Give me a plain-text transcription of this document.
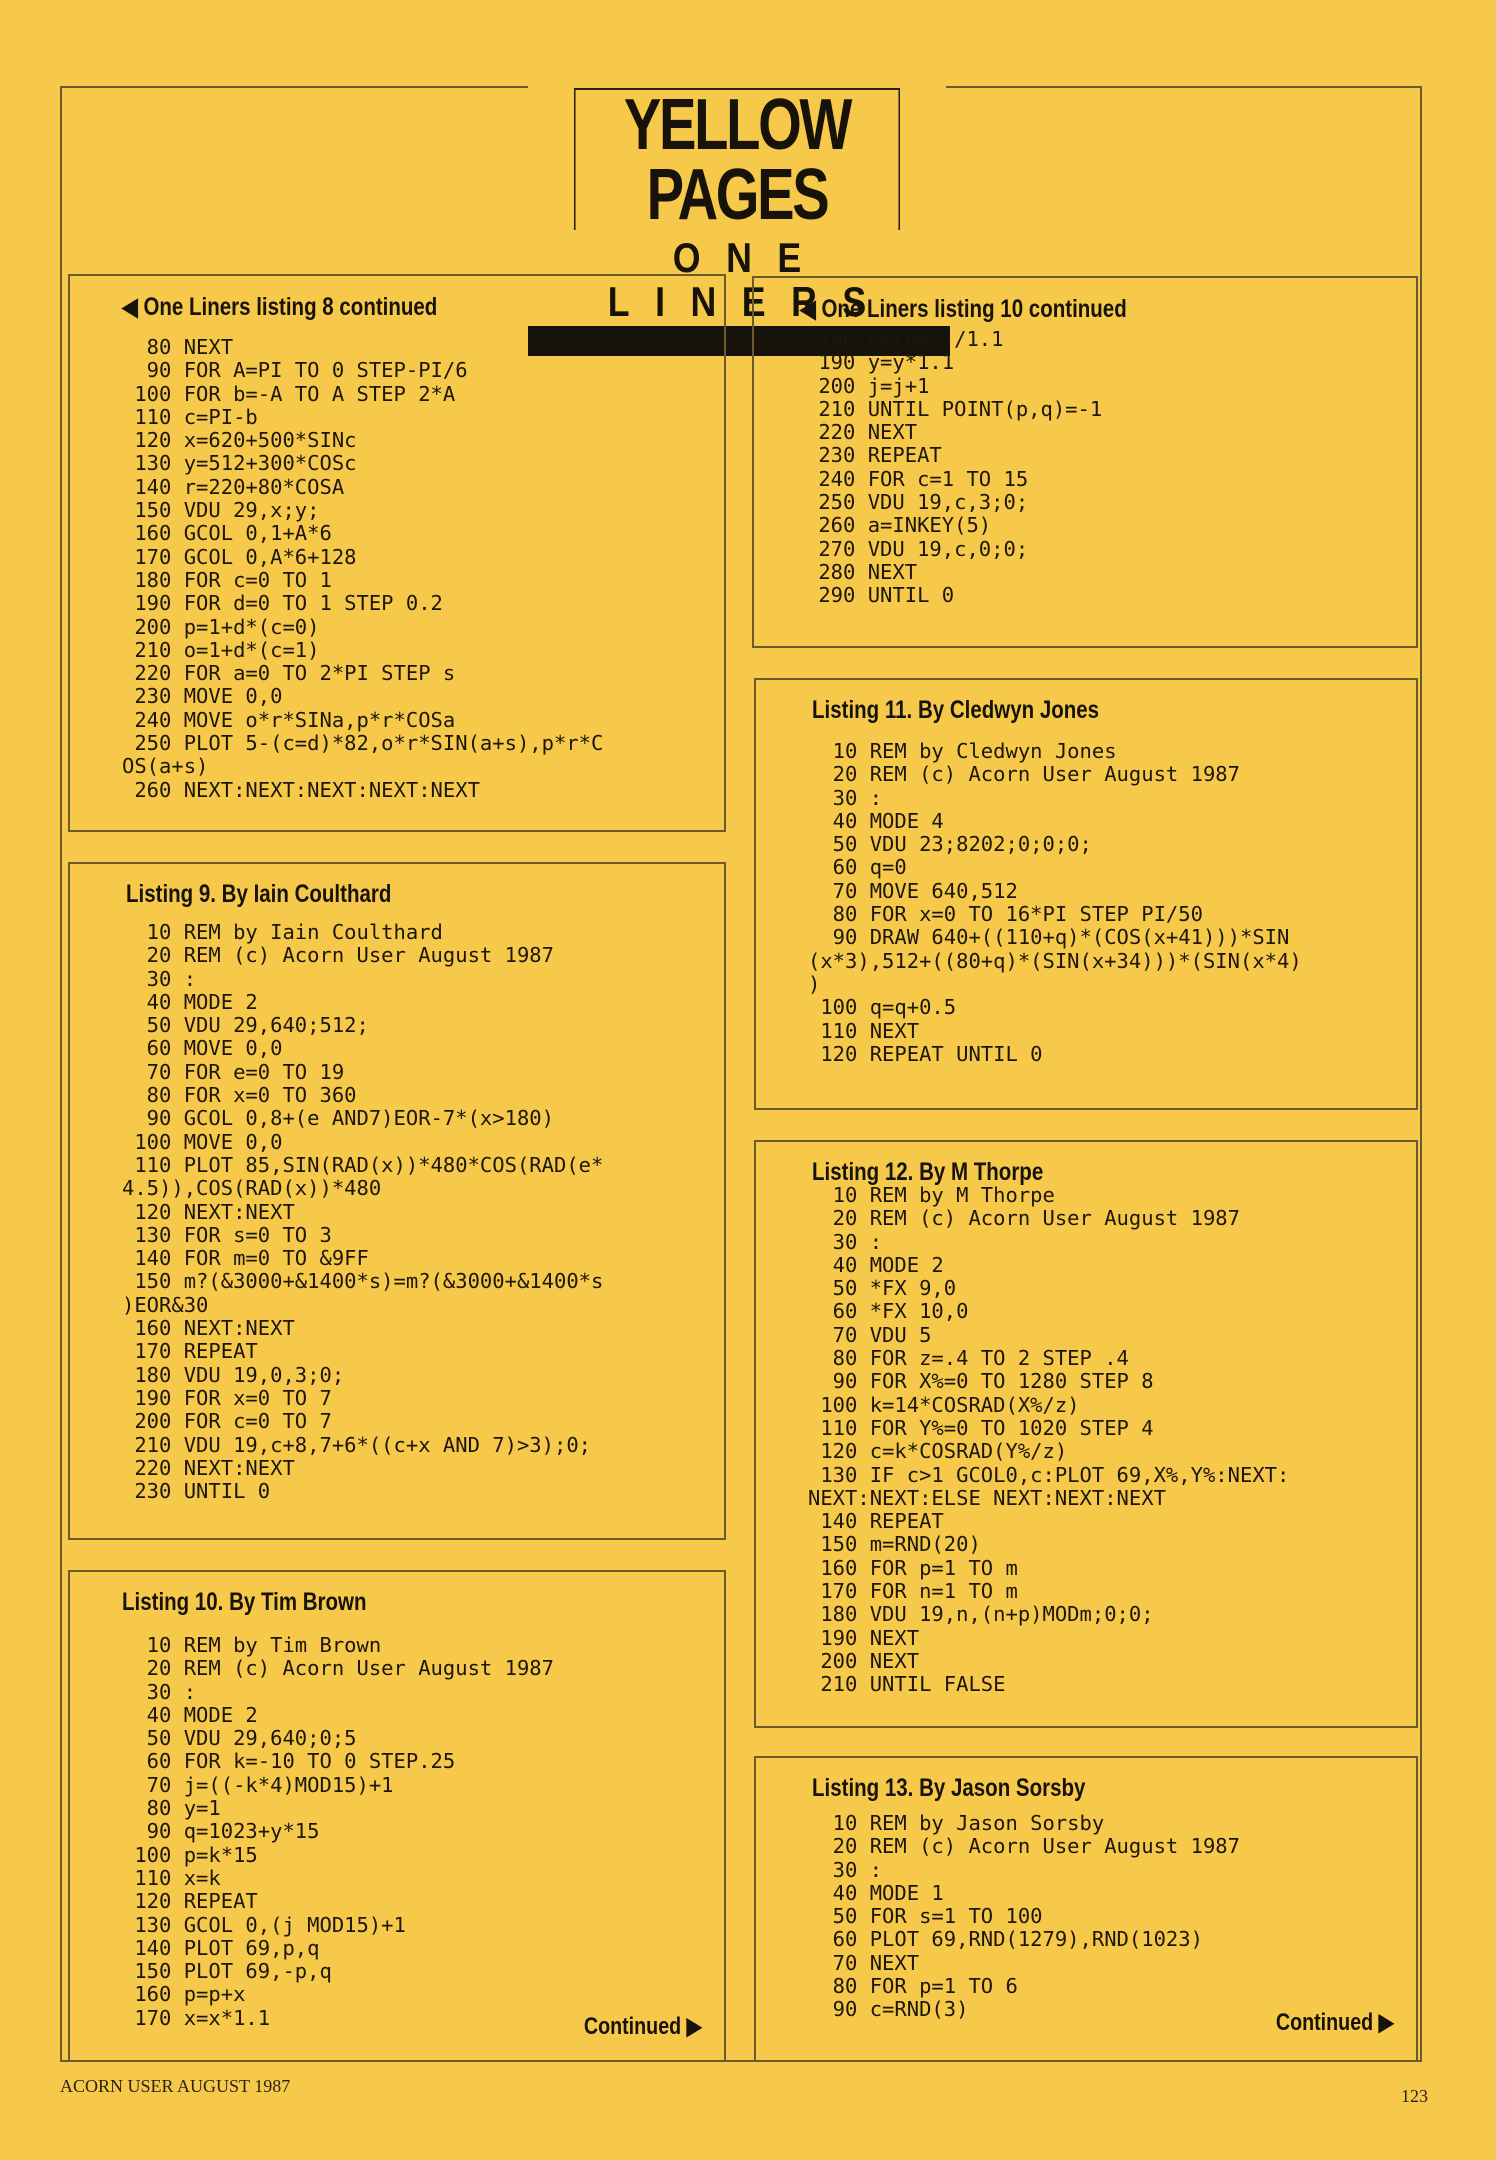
YELLOW PAGES
ONE LINERS
◀ One Liners listing 8 continued
80 NEXT
90 FOR A=PI TO 0 STEP-PI/6
100 FOR b=-A TO A STEP 2*A
110 c=PI-b
120 x=620+500*SINc
130 y=512+300*COSc
140 r=220+80*COSA
150 VDU 29,x;y;
160 GCOL 0,1+A*6
170 GCOL 0,A*6+128
180 FOR c=0 TO 1
190 FOR d=0 TO 1 STEP 0.2
200 p=1+d*(c=0)
210 o=1+d*(c=1)
220 FOR a=0 TO 2*PI STEP s
230 MOVE 0,0
240 MOVE o*r*SINa,p*r*COSa
250 PLOT 5-(c=d)*82,o*r*SIN(a+s),p*r*C
OS(a+s)
260 NEXT:NEXT:NEXT:NEXT:NEXT
Listing 9. By Iain Coulthard
10 REM by Iain Coulthard
20 REM (c) Acorn User August 1987
30 :
40 MODE 2
50 VDU 29,640;512;
60 MOVE 0,0
70 FOR e=0 TO 19
80 FOR x=0 TO 360
90 GCOL 0,8+(e AND7)EOR-7*(x>180)
100 MOVE 0,0
110 PLOT 85,SIN(RAD(x))*480*COS(RAD(e*
4.5)),COS(RAD(x))*480
120 NEXT:NEXT
130 FOR s=0 TO 3
140 FOR m=0 TO &9FF
150 m?(&3000+&1400*s)=m?(&3000+&1400*s
)EOR&30
160 NEXT:NEXT
170 REPEAT
180 VDU 19,0,3;0;
190 FOR x=0 TO 7
200 FOR c=0 TO 7
210 VDU 19,c+8,7+6*((c+x AND 7)>3);0;
220 NEXT:NEXT
230 UNTIL 0
Listing 10. By Tim Brown
10 REM by Tim Brown
20 REM (c) Acorn User August 1987
30 :
40 MODE 2
50 VDU 29,640;0;5
60 FOR k=-10 TO 0 STEP.25
70 j=((-k*4)MOD15)+1
80 y=1
90 q=1023+y*15
100 p=k*15
110 x=k
120 REPEAT
130 GCOL 0,(j MOD15)+1
140 PLOT 69,p,q
150 PLOT 69,-p,q
160 p=p+x
170 x=x*1.1	Continued ▶
◀ One Liners listing 10 continued
180 q=(q+y)/1.1
190 y=y*1.1
200 j=j+1
210 UNTIL POINT(p,q)=-1
220 NEXT
230 REPEAT
240 FOR c=1 TO 15
250 VDU 19,c,3;0;
260 a=INKEY(5)
270 VDU 19,c,0;0;
280 NEXT
290 UNTIL 0
Listing 11. By Cledwyn Jones
10 REM by Cledwyn Jones
20 REM (c) Acorn User August 1987
30 :
40 MODE 4
50 VDU 23;8202;0;0;0;
60 q=0
70 MOVE 640,512
80 FOR x=0 TO 16*PI STEP PI/50
90 DRAW 640+((110+q)*(COS(x+41)))*SIN
(x*3),512+((80+q)*(SIN(x+34)))*(SIN(x*4)
)
100 q=q+0.5
110 NEXT
120 REPEAT UNTIL 0
Listing 12. By M Thorpe
10 REM by M Thorpe
20 REM (c) Acorn User August 1987
30 :
40 MODE 2
50 *FX 9,0
60 *FX 10,0
70 VDU 5
80 FOR z=.4 TO 2 STEP .4
90 FOR X%=0 TO 1280 STEP 8
100 k=14*COSRAD(X%/z)
110 FOR Y%=0 TO 1020 STEP 4
120 c=k*COSRAD(Y%/z)
130 IF c>1 GCOL0,c:PLOT 69,X%,Y%:NEXT:
NEXT:NEXT:ELSE NEXT:NEXT:NEXT
140 REPEAT
150 m=RND(20)
160 FOR p=1 TO m
170 FOR n=1 TO m
180 VDU 19,n,(n+p)MODm;0;0;
190 NEXT
200 NEXT
210 UNTIL FALSE
Listing 13. By Jason Sorsby
10 REM by Jason Sorsby
20 REM (c) Acorn User August 1987
30 :
40 MODE 1
50 FOR s=1 TO 100
60 PLOT 69,RND(1279),RND(1023)
70 NEXT
80 FOR p=1 TO 6
90 c=RND(3)	Continued ▶
ACORN USER AUGUST 1987	123
